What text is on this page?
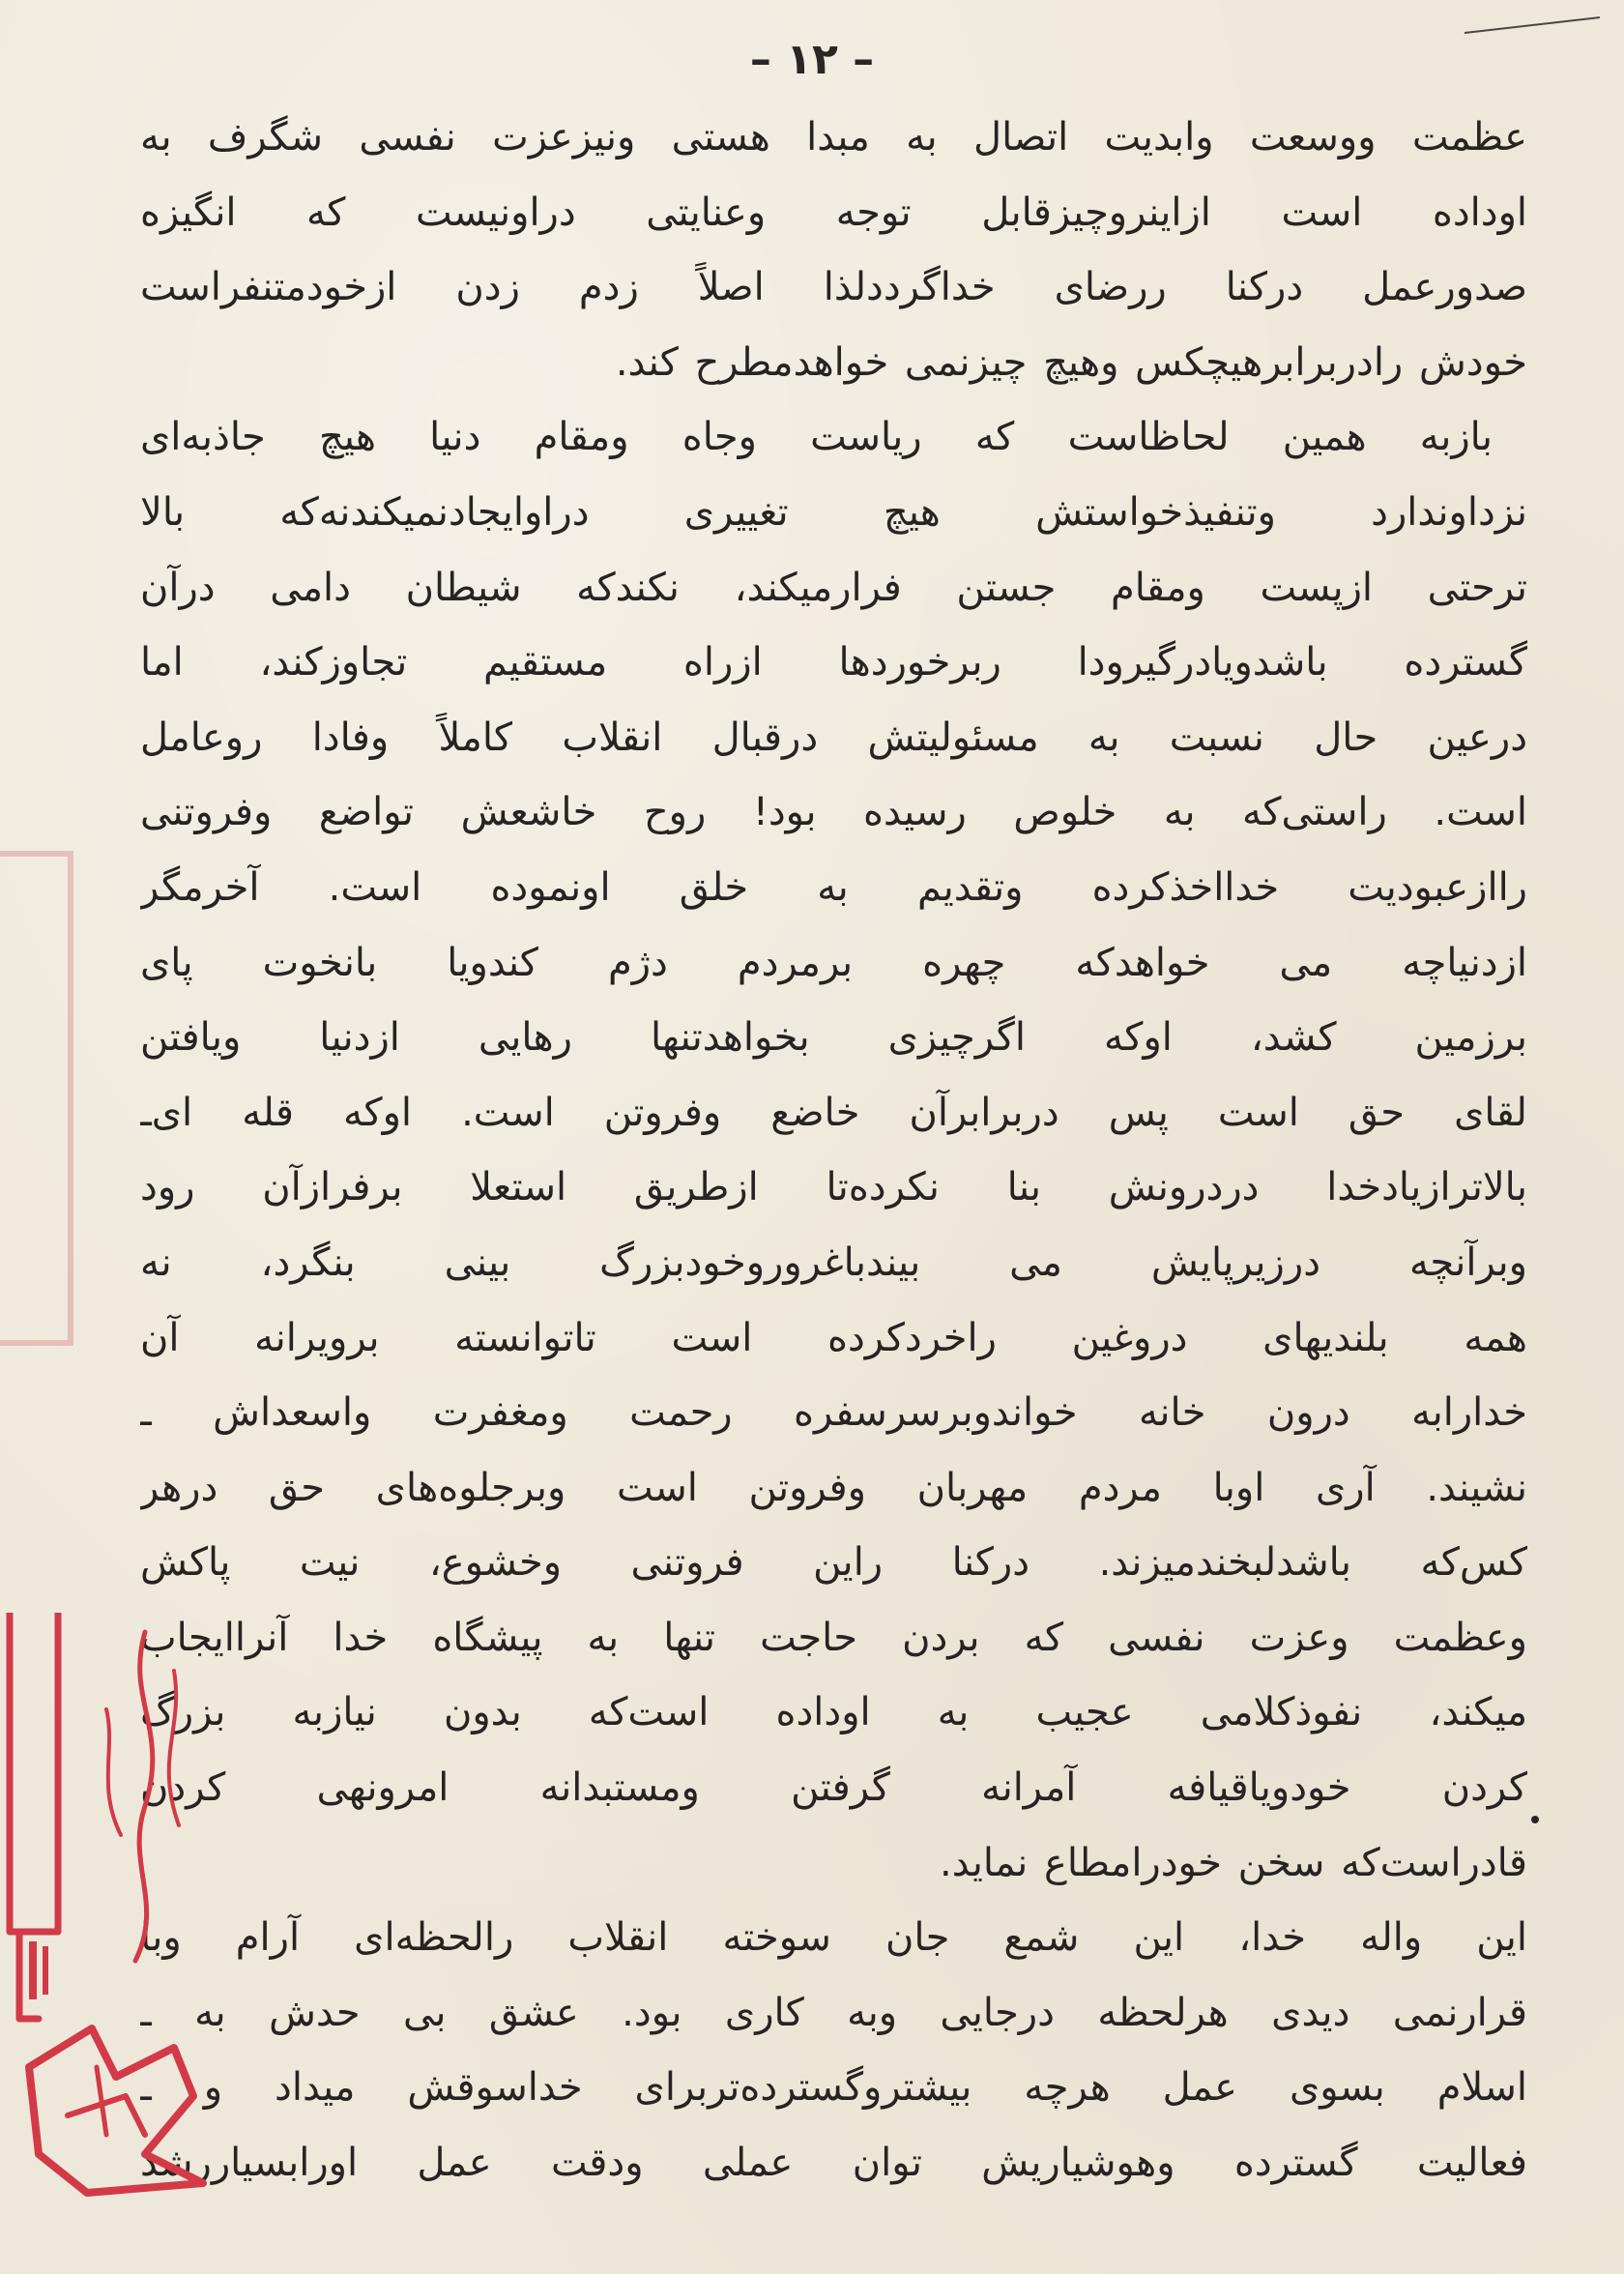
– ۱۲ –
عظمت ووسعت وابدیت اتصال به مبدا هستی ونیزعزت نفسی شگرف به
اوداده است ازاینروچیزقابل توجه وعنایتی دراونیست که انگیزه
صدورعمل درکنا ررضای خداگرددلذا اصلاً زدم زدن ازخودمتنفراست
خودش رادربرابرهیچکس وهیچ چیزنمی خواهدمطرح کند.
بازبه همین لحاظاست که ریاست وجاه ومقام دنیا هیچ جاذبه‌ای
نزداوندارد وتنفیذخواستش هیچ تغییری دراوایجادنمیکندنه‌که بالا
ترحتی ازپست ومقام جستن فرارمیکند، نکندکه شیطان دامی درآن
گسترده باشدویادرگیرودا ربرخوردها ازراه مستقیم تجاوزکند، اما
درعین حال نسبت به مسئولیتش درقبال انقلاب کاملاً وفادا روعامل
است. راستی‌که به خلوص رسیده بود! روح خاشعش تواضع وفروتنی
راازعبودیت خدااخذکرده وتقدیم به خلق اونموده است. آخرمگر
ازدنیاچه می خواهدکه چهره برمردم دژم کندویا بانخوت پای
برزمین کشد، اوکه اگرچیزی بخواهدتنها رهایی ازدنیا ویافتن
لقای حق است پس دربرابرآن خاضع وفروتن است. اوکه قله ای‌ـ
بالاترازیادخدا دردرونش بنا نکرده‌تا ازطریق استعلا برفرازآن رود
وبرآنچه درزیرپایش می بیندباغروروخودبزرگ بینی بنگرد، نه
همه بلندیهای دروغین راخردکرده است تاتوانسته برویرانه آن
خدارابه درون خانه خواندوبرسرسفره رحمت ومغفرت واسعداش ـ
نشیند. آری اوبا مردم مهربان وفروتن است وبرجلوه‌های حق درهر
کس‌که باشدلبخندمیزند. درکنا راین فروتنی وخشوع، نیت پاکش
وعظمت وعزت نفسی که بردن حاجت تنها به پیشگاه خدا آنراایجاب
میکند، نفوذکلامی عجیب به اوداده است‌که بدون نیازبه بزرگ
کردن خودویاقیافه آمرانه گرفتن ومستبدانه امرونهی کردن
قادراست‌که سخن خودرامطاع نماید.
این واله خدا، این شمع جان سوخته انقلاب رالحظه‌ای آرام وبا
قرارنمی دیدی هرلحظه درجایی وبه کاری بود. عشق بی حدش به ـ
اسلام بسوی عمل هرچه بیشتروگسترده‌تربرای خداسوقش میداد و ـ
فعالیت گسترده وهوشیاریش توان عملی ودقت عمل اورابسیاررشد
